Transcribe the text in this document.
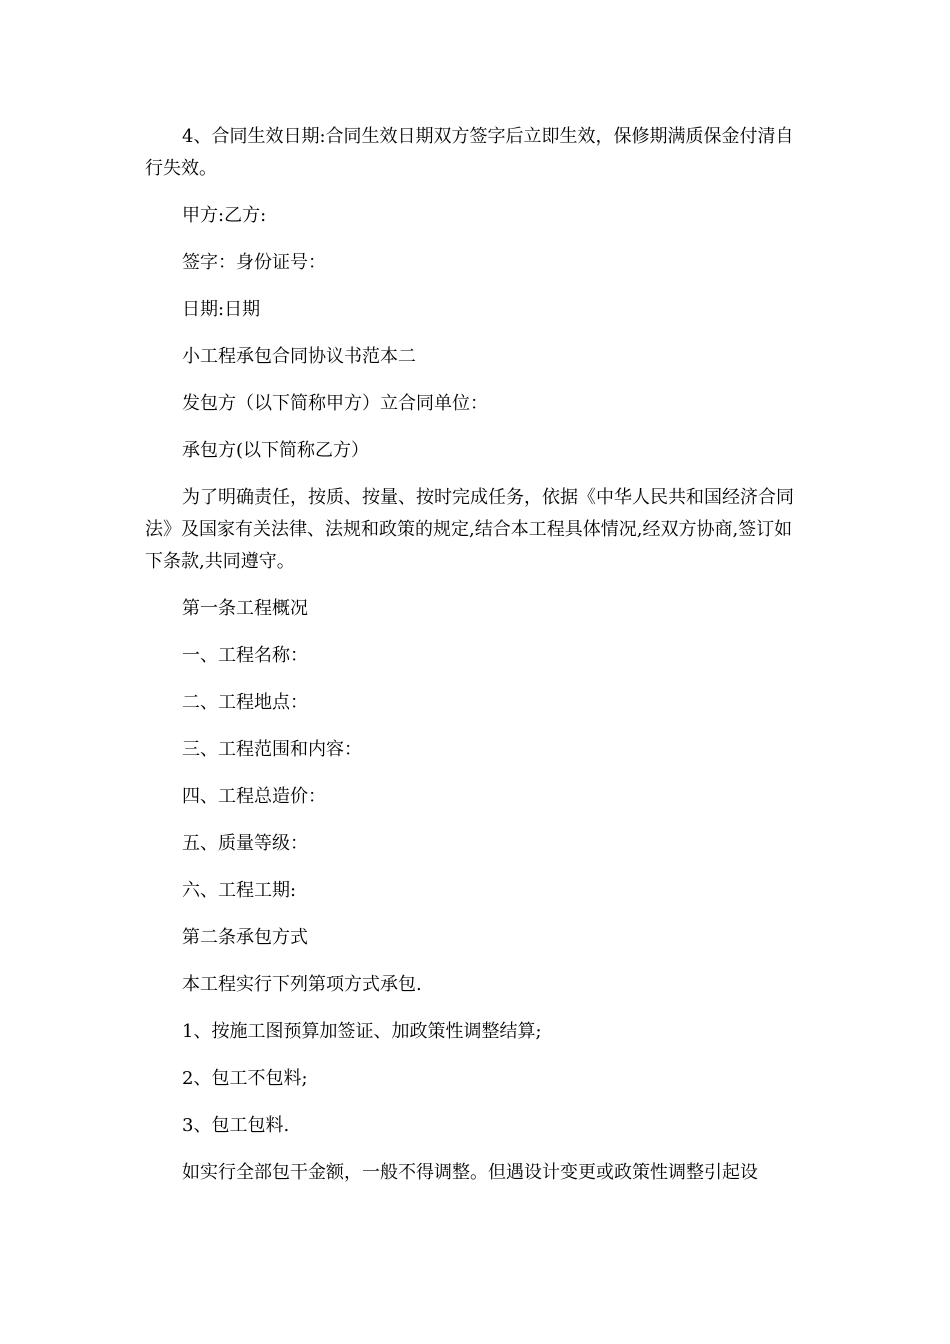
4、合同生效日期:合同生效日期双方签字后立即生效，保修期满质保金付清自行失效。

甲方:乙方:

签字：身份证号：

日期:日期

小工程承包合同协议书范本二

发包方（以下简称甲方）立合同单位：

承包方(以下简称乙方）

为了明确责任，按质、按量、按时完成任务，依据《中华人民共和国经济合同法》及国家有关法律、法规和政策的规定,结合本工程具体情况,经双方协商,签订如下条款,共同遵守。

第一条工程概况

一、工程名称：

二、工程地点：

三、工程范围和内容：

四、工程总造价：

五、质量等级：

六、工程工期:

第二条承包方式

本工程实行下列第项方式承包.

1、按施工图预算加签证、加政策性调整结算;

2、包工不包料;

3、包工包料.

如实行全部包干金额，一般不得调整。但遇设计变更或政策性调整引起设
